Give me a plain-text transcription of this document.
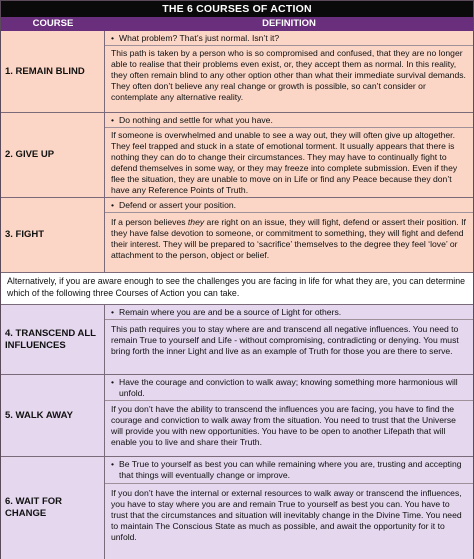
THE 6 COURSES OF ACTION
COURSE	DEFINITION
1. REMAIN BLIND
• What problem? That’s just normal. Isn’t it?
This path is taken by a person who is so compromised and confused, that they are no longer able to realise that their problems even exist, or, they accept them as normal. In this reality, they often remain blind to any other option other than what their immediate survival demands. They often don’t believe any real change or growth is possible, so can’t consider or contemplate any alternative reality.
2. GIVE UP
• Do nothing and settle for what you have.
If someone is overwhelmed and unable to see a way out, they will often give up altogether. They feel trapped and stuck in a state of emotional torment. It usually appears that there is nothing they can do to change their circumstances. They may have to continually fight to defend themselves in some way, or they may freeze into complete submission. Even if they flee the situation, they are unable to move on in Life or find any Peace because they don’t have any Reference Points of Truth.
3. FIGHT
• Defend or assert your position.
If a person believes they are right on an issue, they will fight, defend or assert their position. If they have false devotion to someone, or commitment to something, they will fight and defend their interest. They will be prepared to ‘sacrifice’ themselves to the degree they feel ‘love’ or attachment to the person, object or belief.
Alternatively, if you are aware enough to see the challenges you are facing in life for what they are, you can determine which of the following three Courses of Action you can take.
4. TRANSCEND ALL INFLUENCES
• Remain where you are and be a source of Light for others.
This path requires you to stay where are and transcend all negative influences. You need to remain True to yourself and Life - without compromising, contradicting or denying. You must bring forth the inner Light and live as an example of Truth for those you are there to serve.
5. WALK AWAY
• Have the courage and conviction to walk away; knowing something more harmonious will unfold.
If you don’t have the ability to transcend the influences you are facing, you have to find the courage and conviction to walk away from the situation. You need to trust that the Universe will provide you with new opportunities. You have to be open to another Lifepath that will enable you to live and share their Truth.
6. WAIT FOR CHANGE
• Be True to yourself as best you can while remaining where you are, trusting and accepting that things will eventually change or improve.
If you don’t have the internal or external resources to walk away or transcend the influences, you have to stay where you are and remain True to yourself as best you can. You have to trust that the circumstances and situation will inevitably change in the Divine Time. You need to maintain The Conscious State as much as possible, and await the opportunity for it to unfold.
